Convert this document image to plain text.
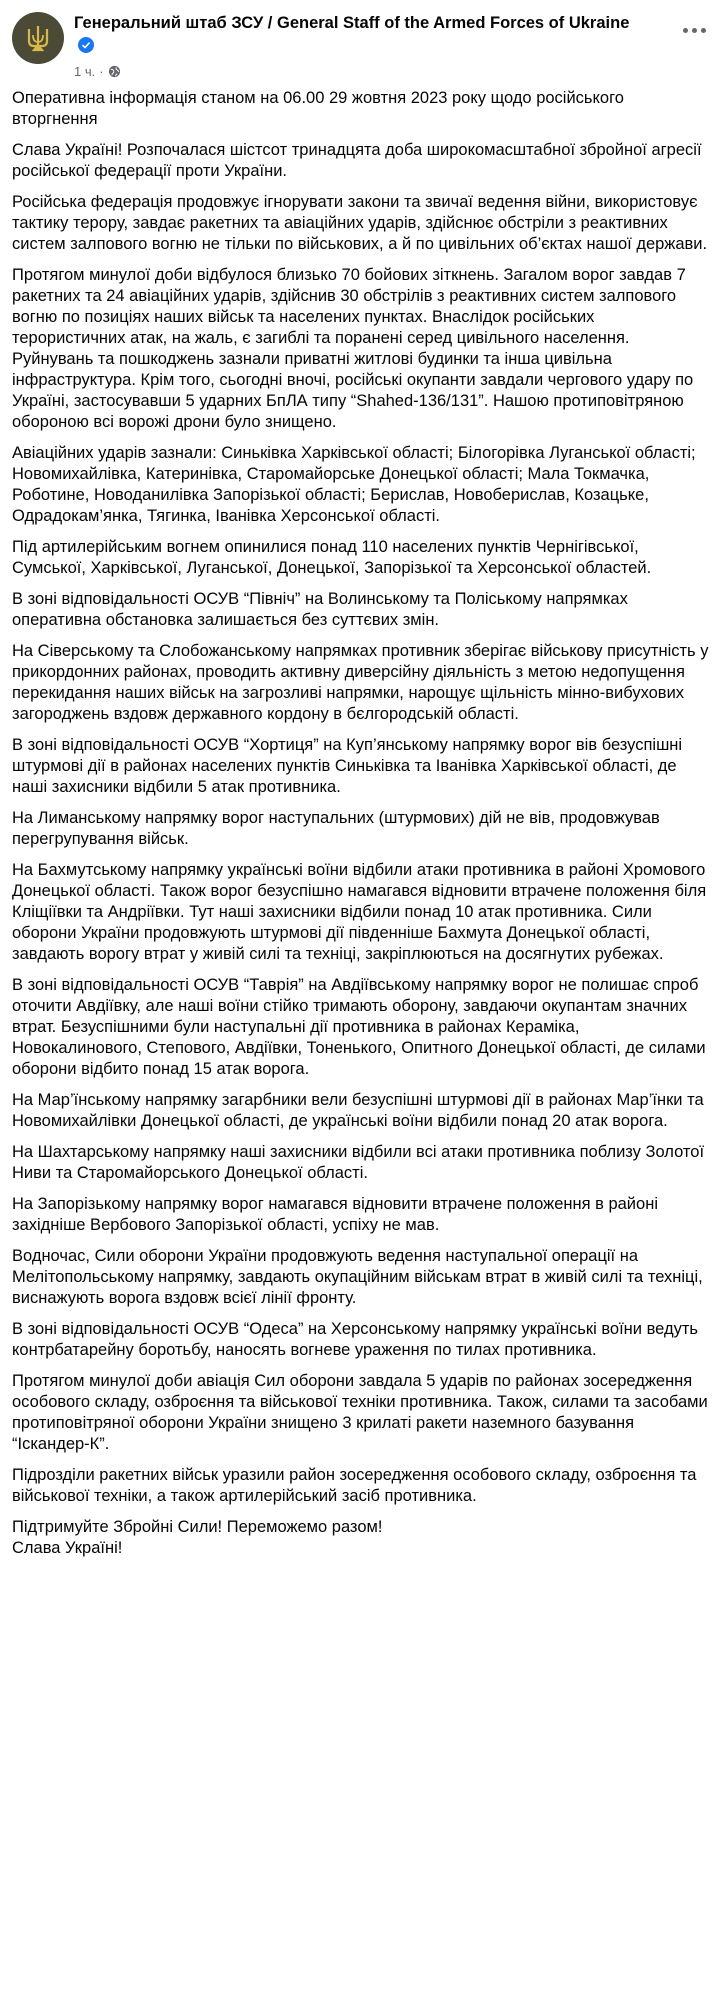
Генеральний штаб ЗСУ / General Staff of the Armed Forces of Ukraine
1 ч. ·

Оперативна інформація станом на 06.00 29 жовтня 2023 року щодо російського вторгнення

Слава Україні! Розпочалася шістсот тринадцята доба широкомасштабної збройної агресії російської федерації проти України.

Російська федерація продовжує ігнорувати закони та звичаї ведення війни, використовує тактику терору, завдає ракетних та авіаційних ударів, здійснює обстріли з реактивних систем залпового вогню не тільки по військових, а й по цивільних об’єктах нашої держави.

Протягом минулої доби відбулося близько 70 бойових зіткнень. Загалом ворог завдав 7 ракетних та 24 авіаційних ударів, здійснив 30 обстрілів з реактивних систем залпового вогню по позиціях наших військ та населених пунктах. Внаслідок російських терористичних атак, на жаль, є загиблі та поранені серед цивільного населення. Руйнувань та пошкоджень зазнали приватні житлові будинки та інша цивільна інфраструктура. Крім того, сьогодні вночі, російські окупанти завдали чергового удару по Україні, застосувавши 5 ударних БпЛА типу “Shahed-136/131”. Нашою протиповітряною обороною всі ворожі дрони було знищено.

Авіаційних ударів зазнали: Синьківка Харківської області; Білогорівка Луганської області; Новомихайлівка, Катеринівка, Старомайорське Донецької області; Мала Токмачка, Роботине, Новоданилівка Запорізької області; Берислав, Новоберислав, Козацьке, Одрадокам’янка, Тягинка, Іванівка Херсонської області.

Під артилерійським вогнем опинилися понад 110 населених пунктів Чернігівської, Сумської, Харківської, Луганської, Донецької, Запорізької та Херсонської областей.

В зоні відповідальності ОСУВ “Північ” на Волинському та Поліському напрямках оперативна обстановка залишається без суттєвих змін.

На Сіверському та Слобожанському напрямках противник зберігає військову присутність у прикордонних районах, проводить активну диверсійну діяльність з метою недопущення перекидання наших військ на загрозливі напрямки, нарощує щільність мінно-вибухових загороджень вздовж державного кордону в бєлгородській області.

В зоні відповідальності ОСУВ “Хортиця” на Куп’янському напрямку ворог вів безуспішні штурмові дії в районах населених пунктів Синьківка та Іванівка Харківської області, де наші захисники відбили 5 атак противника.

На Лиманському напрямку ворог наступальних (штурмових) дій не вів, продовжував перегрупування військ.

На Бахмутському напрямку українські воїни відбили атаки противника в районі Хромового Донецької області. Також ворог безуспішно намагався відновити втрачене положення біля Кліщіївки та Андріївки. Тут наші захисники відбили понад 10 атак противника. Сили оборони України продовжують штурмові дії південніше Бахмута Донецької області, завдають ворогу втрат у живій силі та техніці, закріплюються на досягнутих рубежах.

В зоні відповідальності ОСУВ “Таврія” на Авдіївському напрямку ворог не полишає спроб оточити Авдіївку, але наші воїни стійко тримають оборону, завдаючи окупантам значних втрат. Безуспішними були наступальні дії противника в районах Кераміка, Новокалинового, Степового, Авдіївки, Тоненького, Опитного Донецької області, де силами оборони відбито понад 15 атак ворога.

На Мар’їнському напрямку загарбники вели безуспішні штурмові дії в районах Мар’їнки та Новомихайлівки Донецької області, де українські воїни відбили понад 20 атак ворога.

На Шахтарському напрямку наші захисники відбили всі атаки противника поблизу Золотої Ниви та Старомайорського Донецької області.

На Запорізькому напрямку ворог намагався відновити втрачене положення в районі західніше Вербового Запорізької області, успіху не мав.

Водночас, Сили оборони України продовжують ведення наступальної операції на Мелітопольському напрямку, завдають окупаційним військам втрат в живій силі та техніці, виснажують ворога вздовж всієї лінії фронту.

В зоні відповідальності ОСУВ “Одеса” на Херсонському напрямку українські воїни ведуть контрбатарейну боротьбу, наносять вогневе ураження по тилах противника.

Протягом минулої доби авіація Сил оборони завдала 5 ударів по районах зосередження особового складу, озброєння та військової техніки противника. Також, силами та засобами протиповітряної оборони України знищено 3 крилаті ракети наземного базування “Іскандер-К”.

Підрозділи ракетних військ уразили район зосередження особового складу, озброєння та військової техніки, а також артилерійський засіб противника.

Підтримуйте Збройні Сили! Переможемо разом!

Слава Україні!
